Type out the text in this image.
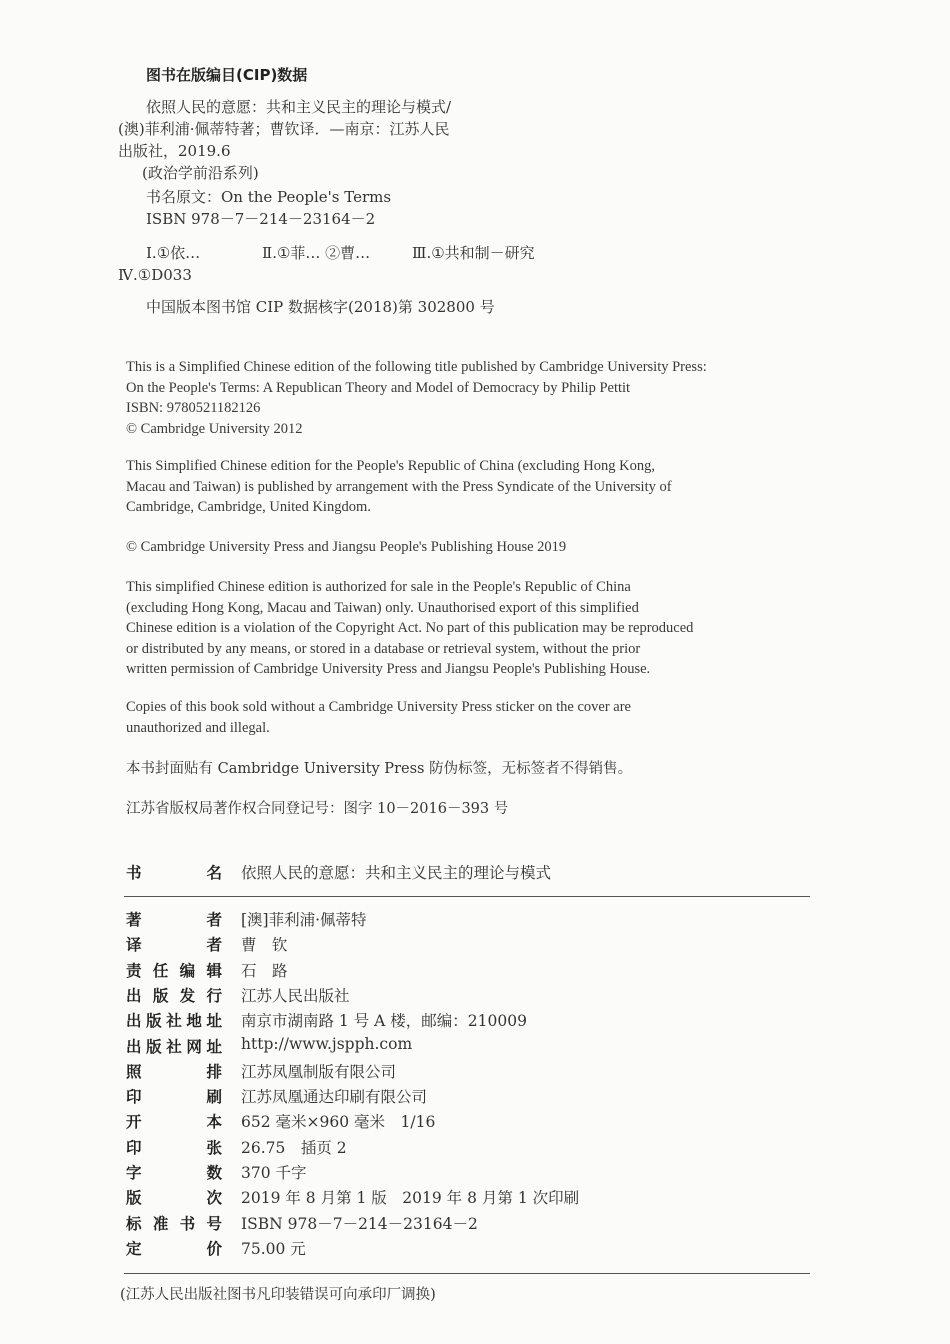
图书在版编目(CIP)数据
依照人民的意愿：共和主义民主的理论与模式/
(澳)菲利浦·佩蒂特著；曹钦译．—南京：江苏人民
出版社，2019.6
(政治学前沿系列)
书名原文：On the People's Terms
ISBN 978－7－214－23164－2
Ⅰ.①依…	Ⅱ.①菲… ②曹…	Ⅲ.①共和制－研究
Ⅳ.①D033
中国版本图书馆 CIP 数据核字(2018)第 302800 号
This is a Simplified Chinese edition of the following title published by Cambridge University Press:
On the People's Terms: A Republican Theory and Model of Democracy by Philip Pettit
ISBN: 9780521182126
© Cambridge University 2012
This Simplified Chinese edition for the People's Republic of China (excluding Hong Kong,
Macau and Taiwan) is published by arrangement with the Press Syndicate of the University of
Cambridge, Cambridge, United Kingdom.
© Cambridge University Press and Jiangsu People's Publishing House 2019
This simplified Chinese edition is authorized for sale in the People's Republic of China
(excluding Hong Kong, Macau and Taiwan) only. Unauthorised export of this simplified
Chinese edition is a violation of the Copyright Act. No part of this publication may be reproduced
or distributed by any means, or stored in a database or retrieval system, without the prior
written permission of Cambridge University Press and Jiangsu People's Publishing House.
Copies of this book sold without a Cambridge University Press sticker on the cover are
unauthorized and illegal.
本书封面贴有 Cambridge University Press 防伪标签，无标签者不得销售。
江苏省版权局著作权合同登记号：图字 10－2016－393 号
书	名 依照人民的意愿：共和主义民主的理论与模式
著	者 [澳]菲利浦·佩蒂特
译	者 曹　钦
责 任 编 辑 石　路
出 版 发 行 江苏人民出版社
出 版 社 地 址 南京市湖南路 1 号 A 楼，邮编：210009
出 版 社 网 址 http://www.jspph.com
照	排 江苏凤凰制版有限公司
印	刷 江苏凤凰通达印刷有限公司
开	本 652 毫米×960 毫米　1/16
印	张 26.75　插页 2
字	数 370 千字
版	次 2019 年 8 月第 1 版　2019 年 8 月第 1 次印刷
标 准 书 号 ISBN 978－7－214－23164－2
定	价 75.00 元
(江苏人民出版社图书凡印装错误可向承印厂调换)
